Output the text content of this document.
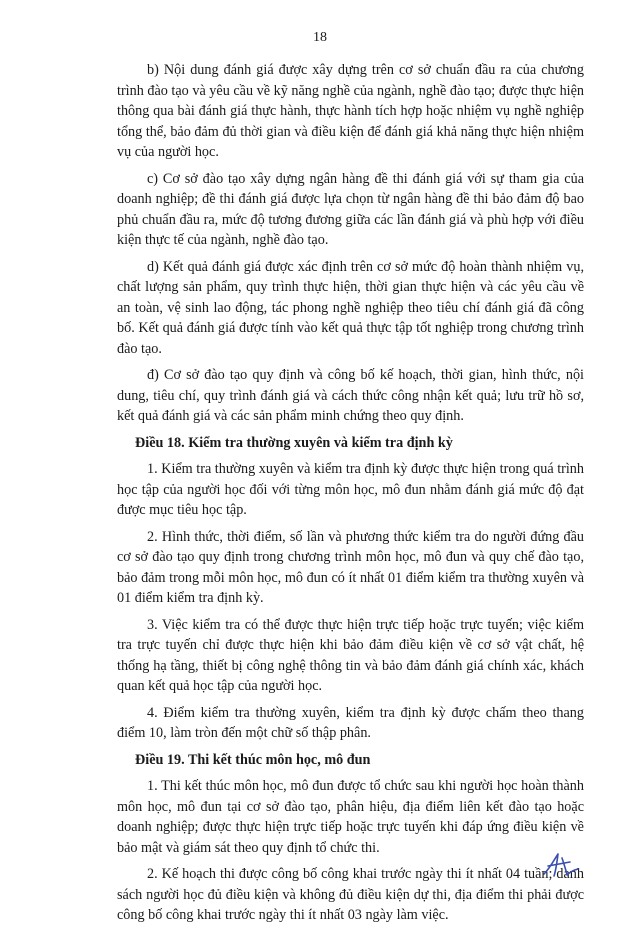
18

b) Nội dung đánh giá được xây dựng trên cơ sở chuẩn đầu ra của chương trình đào tạo và yêu cầu về kỹ năng nghề của ngành, nghề đào tạo; được thực hiện thông qua bài đánh giá thực hành, thực hành tích hợp hoặc nhiệm vụ nghề nghiệp tổng thể, bảo đảm đủ thời gian và điều kiện để đánh giá khả năng thực hiện nhiệm vụ của người học.

c) Cơ sở đào tạo xây dựng ngân hàng đề thi đánh giá với sự tham gia của doanh nghiệp; đề thi đánh giá được lựa chọn từ ngân hàng đề thi bảo đảm độ bao phủ chuẩn đầu ra, mức độ tương đương giữa các lần đánh giá và phù hợp với điều kiện thực tế của ngành, nghề đào tạo.

d) Kết quả đánh giá được xác định trên cơ sở mức độ hoàn thành nhiệm vụ, chất lượng sản phẩm, quy trình thực hiện, thời gian thực hiện và các yêu cầu về an toàn, vệ sinh lao động, tác phong nghề nghiệp theo tiêu chí đánh giá đã công bố. Kết quả đánh giá được tính vào kết quả thực tập tốt nghiệp trong chương trình đào tạo.

đ) Cơ sở đào tạo quy định và công bố kế hoạch, thời gian, hình thức, nội dung, tiêu chí, quy trình đánh giá và cách thức công nhận kết quả; lưu trữ hồ sơ, kết quả đánh giá và các sản phẩm minh chứng theo quy định.

Điều 18. Kiểm tra thường xuyên và kiểm tra định kỳ

1. Kiểm tra thường xuyên và kiểm tra định kỳ được thực hiện trong quá trình học tập của người học đối với từng môn học, mô đun nhằm đánh giá mức độ đạt được mục tiêu học tập.

2. Hình thức, thời điểm, số lần và phương thức kiểm tra do người đứng đầu cơ sở đào tạo quy định trong chương trình môn học, mô đun và quy chế đào tạo, bảo đảm trong mỗi môn học, mô đun có ít nhất 01 điểm kiểm tra thường xuyên và 01 điểm kiểm tra định kỳ.

3. Việc kiểm tra có thể được thực hiện trực tiếp hoặc trực tuyến; việc kiểm tra trực tuyến chỉ được thực hiện khi bảo đảm điều kiện về cơ sở vật chất, hệ thống hạ tầng, thiết bị công nghệ thông tin và bảo đảm đánh giá chính xác, khách quan kết quả học tập của người học.

4. Điểm kiểm tra thường xuyên, kiểm tra định kỳ được chấm theo thang điểm 10, làm tròn đến một chữ số thập phân.

Điều 19. Thi kết thúc môn học, mô đun

1. Thi kết thúc môn học, mô đun được tổ chức sau khi người học hoàn thành môn học, mô đun tại cơ sở đào tạo, phân hiệu, địa điểm liên kết đào tạo hoặc doanh nghiệp; được thực hiện trực tiếp hoặc trực tuyến khi đáp ứng điều kiện về bảo mật và giám sát theo quy định tổ chức thi.

2. Kế hoạch thi được công bố công khai trước ngày thi ít nhất 04 tuần; danh sách người học đủ điều kiện và không đủ điều kiện dự thi, địa điểm thi phải được công bố công khai trước ngày thi ít nhất 03 ngày làm việc.
